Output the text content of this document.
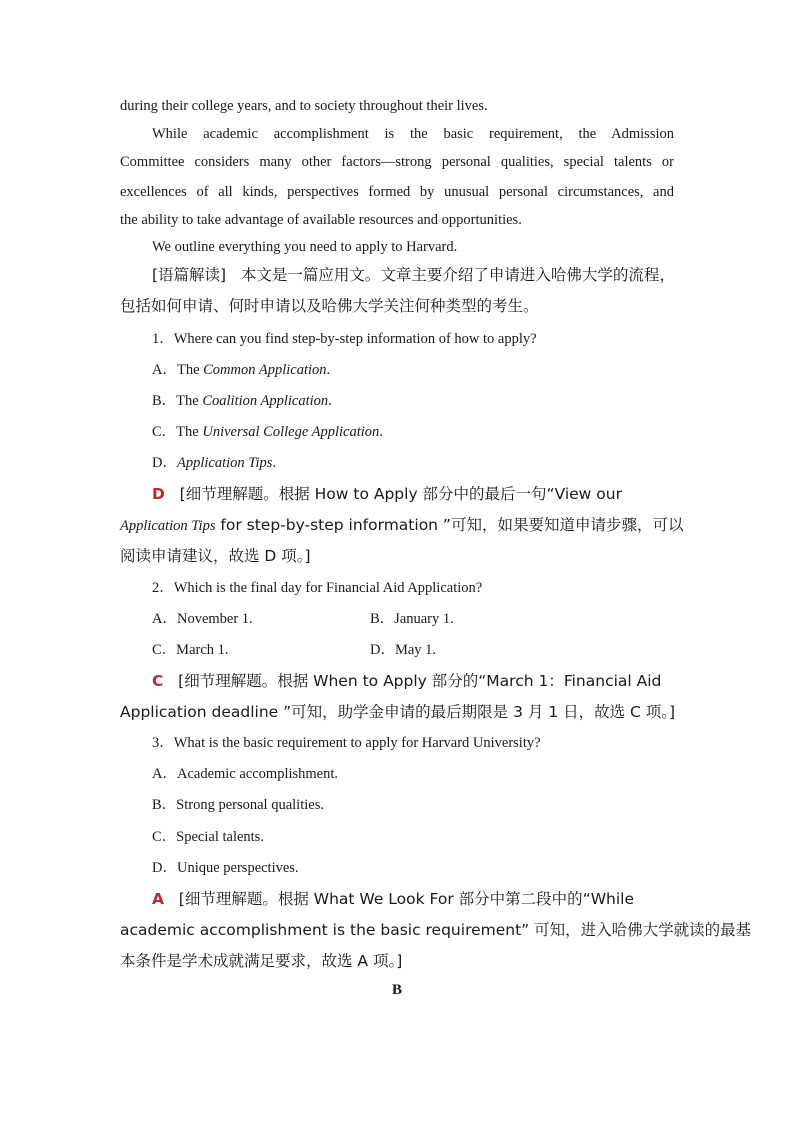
during their college years, and to society throughout their lives.
While academic accomplishment is the basic requirement, the Admission
Committee considers many other factors—strong personal qualities, special talents or
excellences of all kinds, perspectives formed by unusual personal circumstances, and
the ability to take advantage of available resources and opportunities.
We outline everything you need to apply to Harvard.
[语篇解读] 本文是一篇应用文。文章主要介绍了申请进入哈佛大学的流程，
包括如何申请、何时申请以及哈佛大学关注何种类型的考生。
1．Where can you find step-by-step information of how to apply?
A．The Common Application.
B．The Coalition Application.
C．The Universal College Application.
D．Application Tips.
D [细节理解题。根据 How to Apply 部分中的最后一句“View our
Application Tips for step-by-step information ”可知，如果要知道申请步骤，可以
阅读申请建议，故选 D 项。]
2．Which is the final day for Financial Aid Application?
A．November 1.	B．January 1.
C．March 1.	D．May 1.
C [细节理解题。根据 When to Apply 部分的“March 1：Financial Aid
Application deadline ”可知，助学金申请的最后期限是 3 月 1 日，故选 C 项。]
3．What is the basic requirement to apply for Harvard University?
A．Academic accomplishment.
B．Strong personal qualities.
C．Special talents.
D．Unique perspectives.
A [细节理解题。根据 What We Look For 部分中第二段中的“While
academic accomplishment is the basic requirement” 可知，进入哈佛大学就读的最基
本条件是学术成就满足要求，故选 A 项。]
B
